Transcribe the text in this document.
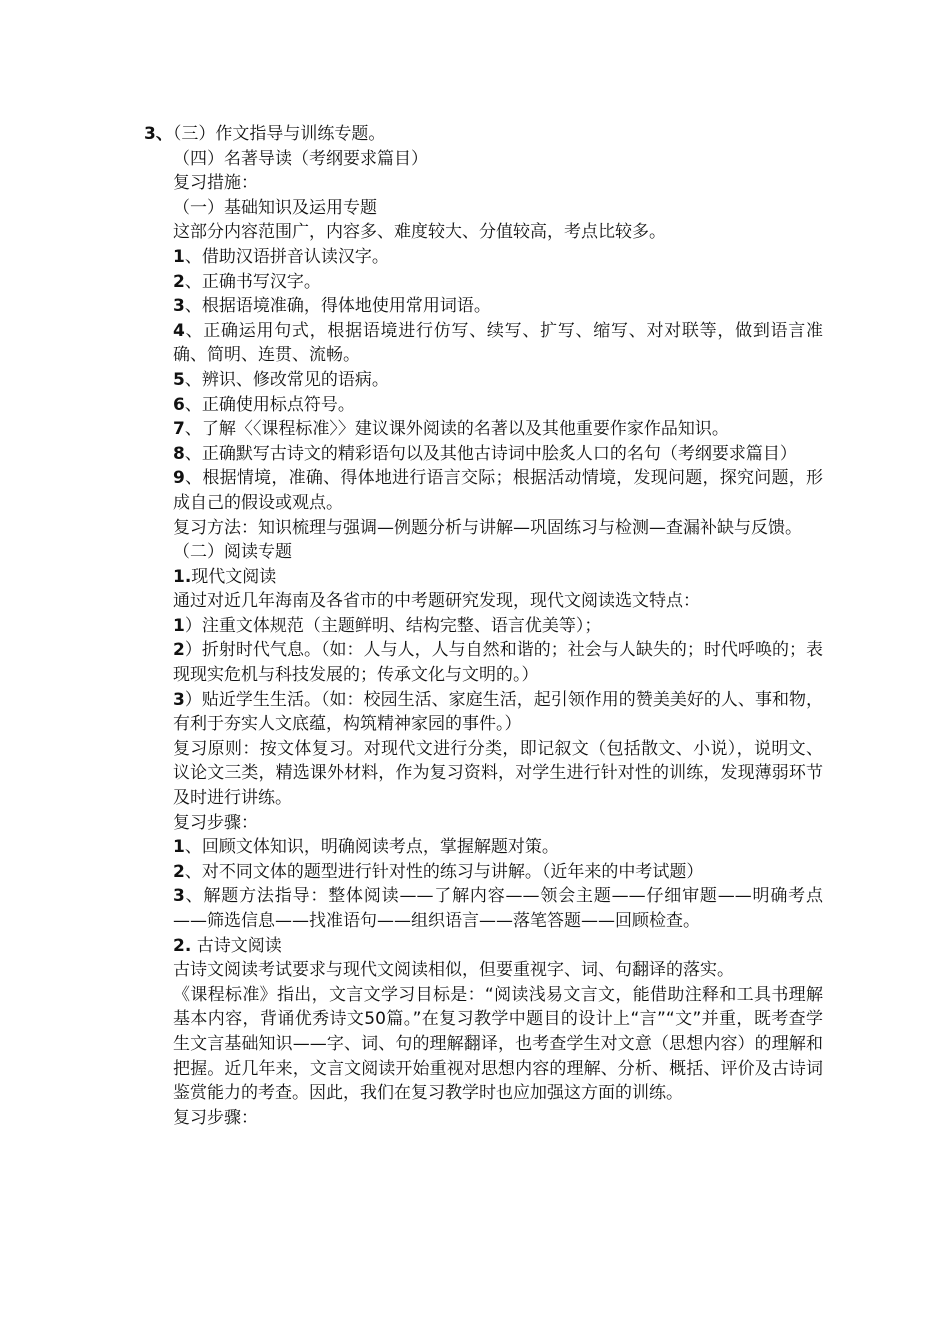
3、（三）作文指导与训练专题。

（四）名著导读（考纲要求篇目）

复习措施：

（一）基础知识及运用专题

这部分内容范围广，内容多、难度较大、分值较高，考点比较多。

1、借助汉语拼音认读汉字。

2、正确书写汉字。

3、根据语境准确，得体地使用常用词语。

4、正确运用句式，根据语境进行仿写、续写、扩写、缩写、对对联等，做到语言准确、简明、连贯、流畅。

5、辨识、修改常见的语病。

6、正确使用标点符号。

7、了解〈〈课程标准〉〉建议课外阅读的名著以及其他重要作家作品知识。

8、正确默写古诗文的精彩语句以及其他古诗词中脍炙人口的名句（考纲要求篇目）

9、根据情境，准确、得体地进行语言交际；根据活动情境，发现问题，探究问题，形成自己的假设或观点。

复习方法：知识梳理与强调—例题分析与讲解—巩固练习与检测—查漏补缺与反馈。

（二）阅读专题

1.现代文阅读

通过对近几年海南及各省市的中考题研究发现，现代文阅读选文特点：

1）注重文体规范（主题鲜明、结构完整、语言优美等）；

2）折射时代气息。（如：人与人，人与自然和谐的；社会与人缺失的；时代呼唤的；表现现实危机与科技发展的；传承文化与文明的。）

3）贴近学生生活。（如：校园生活、家庭生活，起引领作用的赞美美好的人、事和物，有利于夯实人文底蕴，构筑精神家园的事件。）

复习原则：按文体复习。对现代文进行分类，即记叙文（包括散文、小说），说明文、议论文三类，精选课外材料，作为复习资料，对学生进行针对性的训练，发现薄弱环节及时进行讲练。

复习步骤：

1、回顾文体知识，明确阅读考点，掌握解题对策。

2、对不同文体的题型进行针对性的练习与讲解。（近年来的中考试题）

3、解题方法指导：整体阅读——了解内容——领会主题——仔细审题——明确考点——筛选信息——找准语句——组织语言——落笔答题——回顾检查。

2. 古诗文阅读

古诗文阅读考试要求与现代文阅读相似，但要重视字、词、句翻译的落实。

《课程标准》指出，文言文学习目标是：“阅读浅易文言文，能借助注释和工具书理解基本内容，背诵优秀诗文50篇。”在复习教学中题目的设计上“言”“文”并重，既考查学生文言基础知识——字、词、句的理解翻译，也考查学生对文意（思想内容）的理解和把握。近几年来，文言文阅读开始重视对思想内容的理解、分析、概括、评价及古诗词鉴赏能力的考查。因此，我们在复习教学时也应加强这方面的训练。

复习步骤：
